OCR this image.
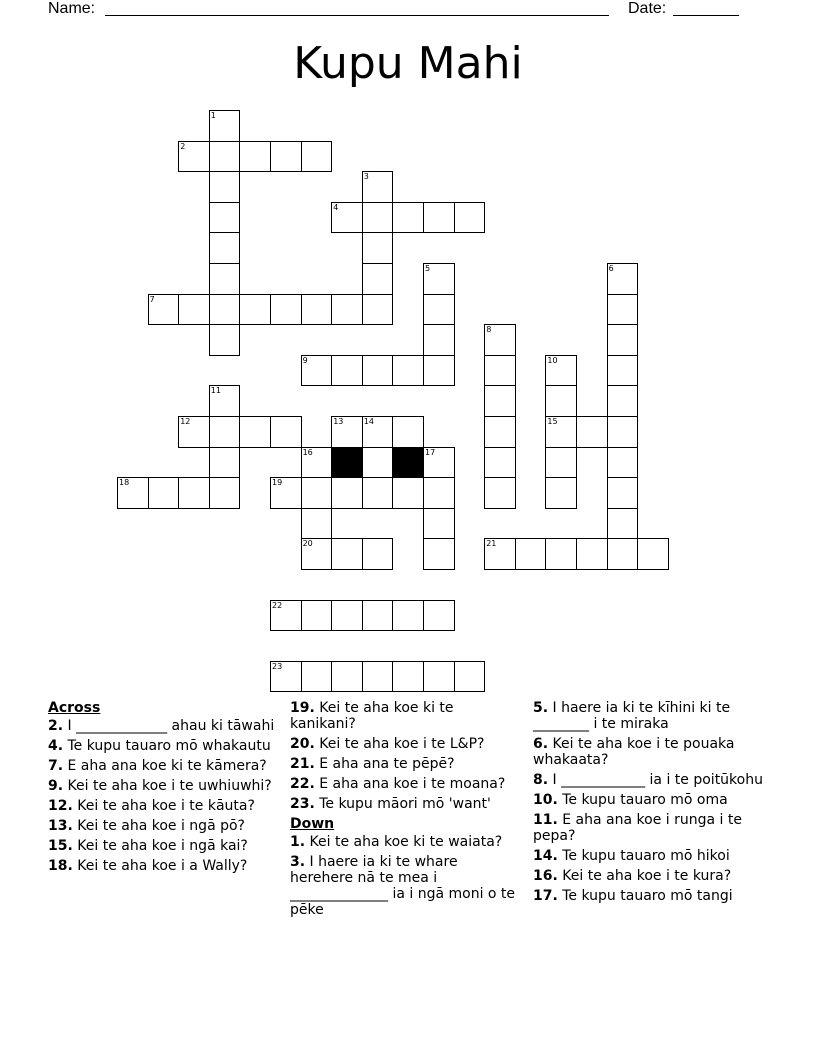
Name:	Date:
Kupu Mahi
1
2
3
4
5	6
7
8
9	10
15
11
12	13	14
16
20
17
18	19
21
22
23
Across
2. I _____________ ahau ki tāwahi
4. Te kupu tauaro mō whakautu
7. E aha ana koe ki te kāmera?
9. Kei te aha koe i te uwhiuwhi?
12. Kei te aha koe i te kāuta?
13. Kei te aha koe i ngā pō?
15. Kei te aha koe i ngā kai?
18. Kei te aha koe i a Wally?
19. Kei te aha koe ki te kanikani?
20. Kei te aha koe i te L&P?
21. E aha ana te pēpē?
22. E aha ana koe i te moana?
23. Te kupu māori mō 'want'
Down
1. Kei te aha koe ki te waiata?
3. I haere ia ki te whare herehere nā te mea i ______________ ia i ngā moni o te pēke
5. I haere ia ki te kīhini ki te ________ i te miraka
6. Kei te aha koe i te pouaka whakaata?
8. I ____________ ia i te poitūkohu
10. Te kupu tauaro mō oma
11. E aha ana koe i runga i te pepa?
14. Te kupu tauaro mō hikoi
16. Kei te aha koe i te kura?
17. Te kupu tauaro mō tangi
